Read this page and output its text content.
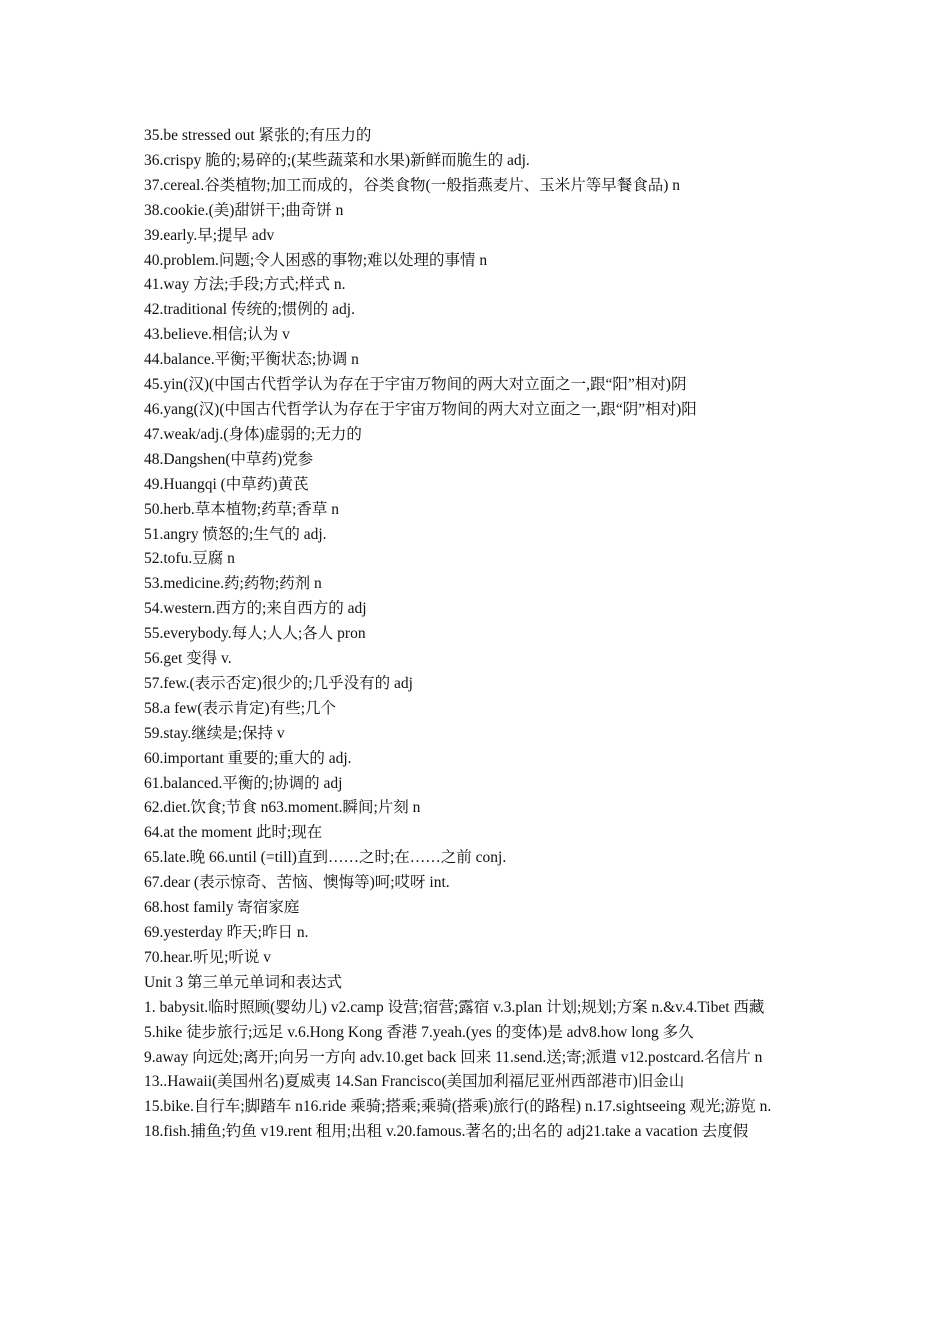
35.be stressed out 紧张的;有压力的

36.crispy 脆的;易碎的;(某些蔬菜和水果)新鲜而脆生的 adj.

37.cereal.谷类植物;加工而成的，谷类食物(一般指燕麦片、玉米片等早餐食品) n

38.cookie.(美)甜饼干;曲奇饼 n

39.early.早;提早 adv

40.problem.问题;令人困惑的事物;难以处理的事情 n

41.way 方法;手段;方式;样式 n.

42.traditional 传统的;惯例的 adj.

43.believe.相信;认为 v

44.balance.平衡;平衡状态;协调 n

45.yin(汉)(中国古代哲学认为存在于宇宙万物间的两大对立面之一,跟“阳”相对)阴

46.yang(汉)(中国古代哲学认为存在于宇宙万物间的两大对立面之一,跟“阴”相对)阳

47.weak/adj.(身体)虚弱的;无力的

48.Dangshen(中草药)党参

49.Huangqi (中草药)黄芪

50.herb.草本植物;药草;香草 n

51.angry 愤怒的;生气的 adj.

52.tofu.豆腐 n

53.medicine.药;药物;药剂 n

54.western.西方的;来自西方的 adj

55.everybody.每人;人人;各人 pron

56.get 变得 v.

57.few.(表示否定)很少的;几乎没有的 adj

58.a few(表示肯定)有些;几个

59.stay.继续是;保持 v

60.important 重要的;重大的 adj.

61.balanced.平衡的;协调的 adj

62.diet.饮食;节食 n63.moment.瞬间;片刻 n

64.at the moment 此时;现在

65.late.晚 66.until (=till)直到……之时;在……之前 conj.

67.dear (表示惊奇、苦恼、懊悔等)呵;哎呀 int.

68.host family 寄宿家庭

69.yesterday 昨天;昨日 n.

70.hear.听见;听说 v

Unit 3 第三单元单词和表达式

1. babysit.临时照顾(婴幼儿) v2.camp 设营;宿营;露宿 v.3.plan 计划;规划;方案 n.&v.4.Tibet 西藏

5.hike 徒步旅行;远足 v.6.Hong Kong 香港 7.yeah.(yes 的变体)是 adv8.how long 多久

9.away 向远处;离开;向另一方向 adv.10.get back 回来 11.send.送;寄;派遣 v12.postcard.名信片 n

13..Hawaii(美国州名)夏威夷 14.San Francisco(美国加利福尼亚州西部港市)旧金山

15.bike.自行车;脚踏车 n16.ride 乘骑;搭乘;乘骑(搭乘)旅行(的路程) n.17.sightseeing 观光;游览 n.

18.fish.捕鱼;钓鱼 v19.rent 租用;出租 v.20.famous.著名的;出名的 adj21.take a vacation 去度假
